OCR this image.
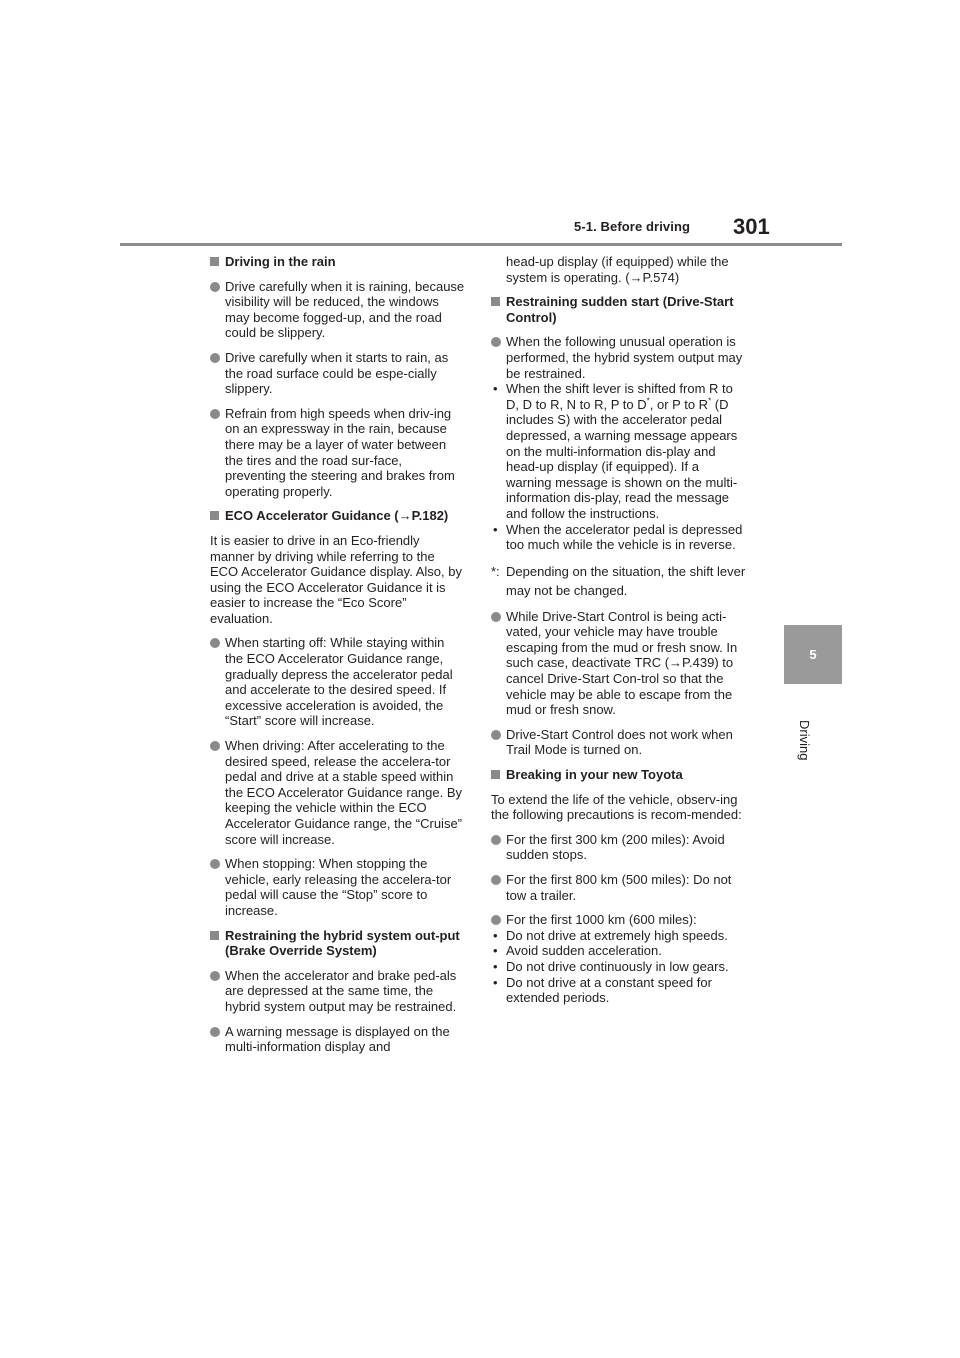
5-1. Before driving 301
5
Driving
Driving in the rain
Drive carefully when it is raining, because visibility will be reduced, the windows may become fogged-up, and the road could be slippery.
Drive carefully when it starts to rain, as the road surface could be espe-cially slippery.
Refrain from high speeds when driv-ing on an expressway in the rain, because there may be a layer of water between the tires and the road sur-face, preventing the steering and brakes from operating properly.
ECO Accelerator Guidance (→P.182)
It is easier to drive in an Eco-friendly manner by driving while referring to the ECO Accelerator Guidance display. Also, by using the ECO Accelerator Guidance it is easier to increase the “Eco Score” evaluation.
When starting off: While staying within the ECO Accelerator Guidance range, gradually depress the accelerator pedal and accelerate to the desired speed. If excessive acceleration is avoided, the “Start” score will increase.
When driving: After accelerating to the desired speed, release the accelera-tor pedal and drive at a stable speed within the ECO Accelerator Guidance range. By keeping the vehicle within the ECO Accelerator Guidance range, the “Cruise” score will increase.
When stopping: When stopping the vehicle, early releasing the accelera-tor pedal will cause the “Stop” score to increase.
Restraining the hybrid system out-put (Brake Override System)
When the accelerator and brake ped-als are depressed at the same time, the hybrid system output may be restrained.
A warning message is displayed on the multi-information display and
head-up display (if equipped) while the system is operating. (→P.574)
Restraining sudden start (Drive-Start Control)
When the following unusual operation is performed, the hybrid system output may be restrained.
• When the shift lever is shifted from R to D, D to R, N to R, P to D*, or P to R* (D includes S) with the accelerator pedal depressed, a warning message appears on the multi-information dis-play and head-up display (if equipped). If a warning message is shown on the multi-information dis-play, read the message and follow the instructions.
• When the accelerator pedal is depressed too much while the vehicle is in reverse.
*: Depending on the situation, the shift lever may not be changed.
While Drive-Start Control is being acti-vated, your vehicle may have trouble escaping from the mud or fresh snow. In such case, deactivate TRC (→P.439) to cancel Drive-Start Con-trol so that the vehicle may be able to escape from the mud or fresh snow.
Drive-Start Control does not work when Trail Mode is turned on.
Breaking in your new Toyota
To extend the life of the vehicle, observ-ing the following precautions is recom-mended:
For the first 300 km (200 miles): Avoid sudden stops.
For the first 800 km (500 miles): Do not tow a trailer.
For the first 1000 km (600 miles):
• Do not drive at extremely high speeds.
• Avoid sudden acceleration.
• Do not drive continuously in low gears.
• Do not drive at a constant speed for extended periods.
